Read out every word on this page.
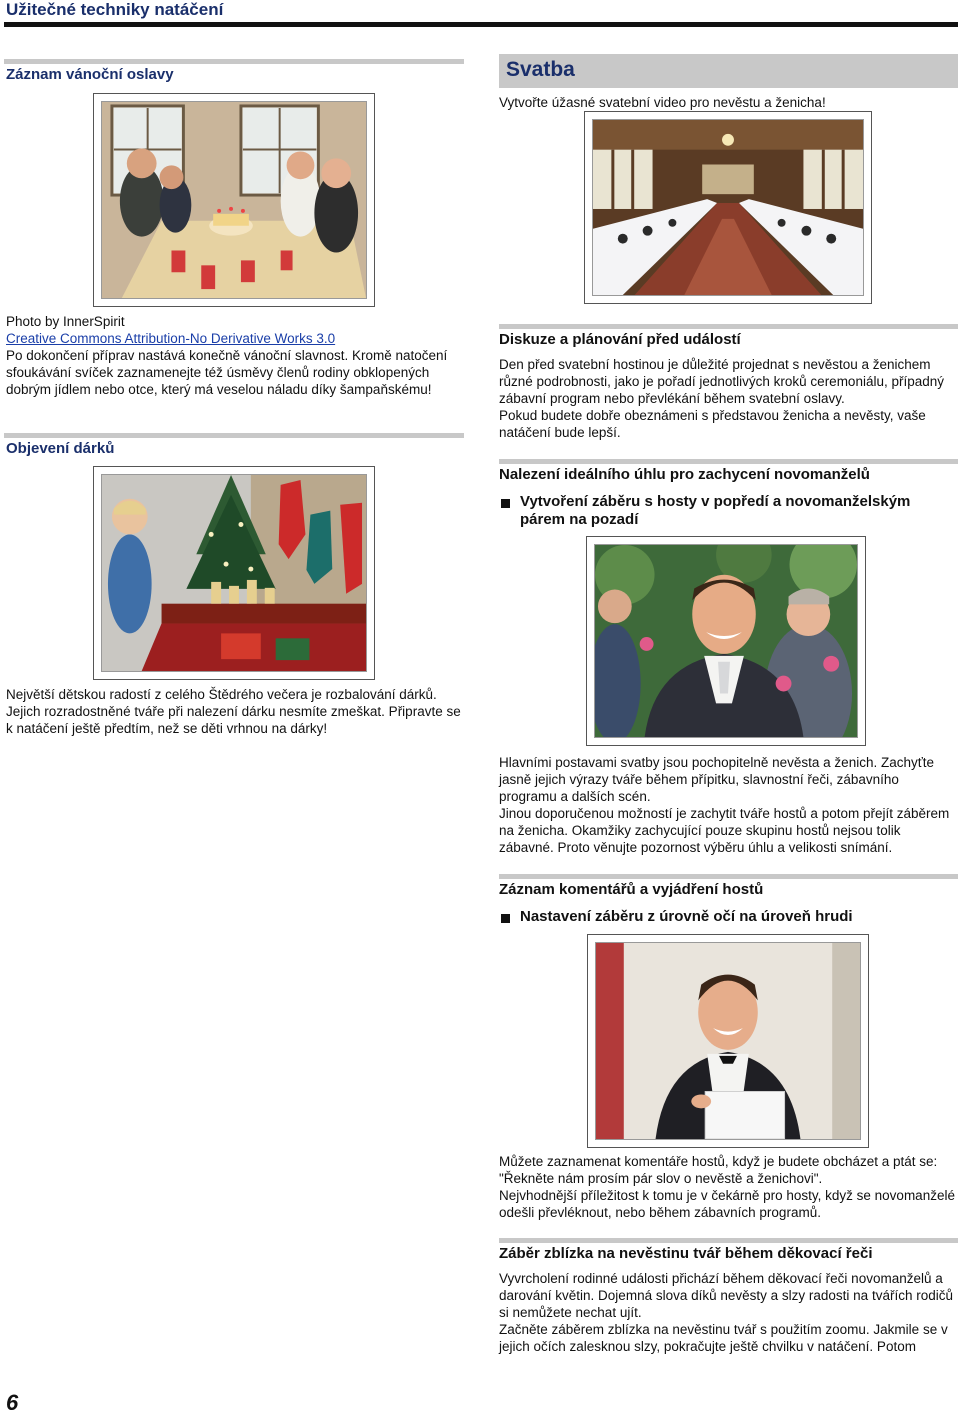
Užitečné techniky natáčení
Záznam vánoční oslavy
Photo by InnerSpirit
Creative Commons Attribution-No Derivative Works 3.0
Po dokončení příprav nastává konečně vánoční slavnost. Kromě natočení sfoukávání svíček zaznamenejte též úsměvy členů rodiny obklopených dobrým jídlem nebo otce, který má veselou náladu díky šampaňskému!
Objevení dárků
Největší dětskou radostí z celého Štědrého večera je rozbalování dárků. Jejich rozradostněné tváře při nalezení dárku nesmíte zmeškat. Připravte se k natáčení ještě předtím, než se děti vrhnou na dárky!
Svatba
Vytvořte úžasné svatební video pro nevěstu a ženicha!
Diskuze a plánování před událostí
Den před svatební hostinou je důležité projednat s nevěstou a ženichem různé podrobnosti, jako je pořadí jednotlivých kroků ceremoniálu, případný zábavní program nebo převlékání během svatební oslavy.
Pokud budete dobře obeznámeni s představou ženicha a nevěsty, vaše natáčení bude lepší.
Nalezení ideálního úhlu pro zachycení novomanželů
Vytvoření záběru s hosty v popředí a novomanželským párem na pozadí
Hlavními postavami svatby jsou pochopitelně nevěsta a ženich. Zachyťte jasně jejich výrazy tváře během přípitku, slavnostní řeči, zábavního programu a dalších scén.
Jinou doporučenou možností je zachytit tváře hostů a potom přejít záběrem na ženicha. Okamžiky zachycující pouze skupinu hostů nejsou tolik zábavné. Proto věnujte pozornost výběru úhlu a velikosti snímání.
Záznam komentářů a vyjádření hostů
Nastavení záběru z úrovně očí na úroveň hrudi
Můžete zaznamenat komentáře hostů, když je budete obcházet a ptát se: "Řekněte nám prosím pár slov o nevěstě a ženichovi".
Nejvhodnější příležitost k tomu je v čekárně pro hosty, když se novomanželé odešli převléknout, nebo během zábavních programů.
Záběr zblízka na nevěstinu tvář během děkovací řeči
Vyvrcholení rodinné události přichází během děkovací řeči novomanželů a darování květin. Dojemná slova díků nevěsty a slzy radosti na tvářích rodičů si nemůžete nechat ujít.
Začněte záběrem zblízka na nevěstinu tvář s použitím zoomu. Jakmile se v jejich očích zalesknou slzy, pokračujte ještě chvilku v natáčení. Potom
6
